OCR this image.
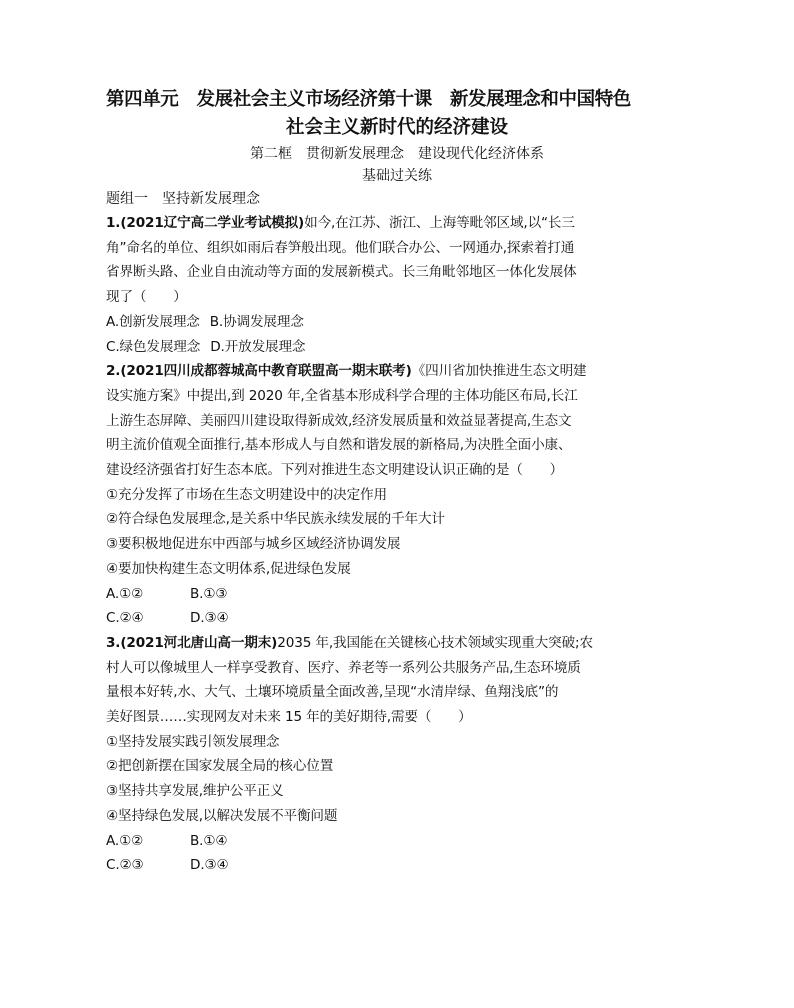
第四单元　发展社会主义市场经济第十课　新发展理念和中国特色
社会主义新时代的经济建设
第二框　贯彻新发展理念　建设现代化经济体系
基础过关练
题组一　坚持新发展理念
1.(2021辽宁高二学业考试模拟)如今,在江苏、浙江、上海等毗邻区域,以“长三
角”命名的单位、组织如雨后春笋般出现。他们联合办公、一网通办,探索着打通
省界断头路、企业自由流动等方面的发展新模式。长三角毗邻地区一体化发展体
现了（　　）
A.创新发展理念 B.协调发展理念
C.绿色发展理念 D.开放发展理念
2.(2021四川成都蓉城高中教育联盟高一期末联考)《四川省加快推进生态文明建
设实施方案》中提出,到 2020 年,全省基本形成科学合理的主体功能区布局,长江
上游生态屏障、美丽四川建设取得新成效,经济发展质量和效益显著提高,生态文
明主流价值观全面推行,基本形成人与自然和谐发展的新格局,为决胜全面小康、
建设经济强省打好生态本底。下列对推进生态文明建设认识正确的是（　　）
①充分发挥了市场在生态文明建设中的决定作用
②符合绿色发展理念,是关系中华民族永续发展的千年大计
③要积极地促进东中西部与城乡区域经济协调发展
④要加快构建生态文明体系,促进绿色发展
A.①②	B.①③
C.②④	D.③④
3.(2021河北唐山高一期末)2035 年,我国能在关键核心技术领域实现重大突破;农
村人可以像城里人一样享受教育、医疗、养老等一系列公共服务产品,生态环境质
量根本好转,水、大气、土壤环境质量全面改善,呈现“水清岸绿、鱼翔浅底”的
美好图景……实现网友对未来 15 年的美好期待,需要（　　）
①坚持发展实践引领发展理念
②把创新摆在国家发展全局的核心位置
③坚持共享发展,维护公平正义
④坚持绿色发展,以解决发展不平衡问题
A.①②	B.①④
C.②③	D.③④
